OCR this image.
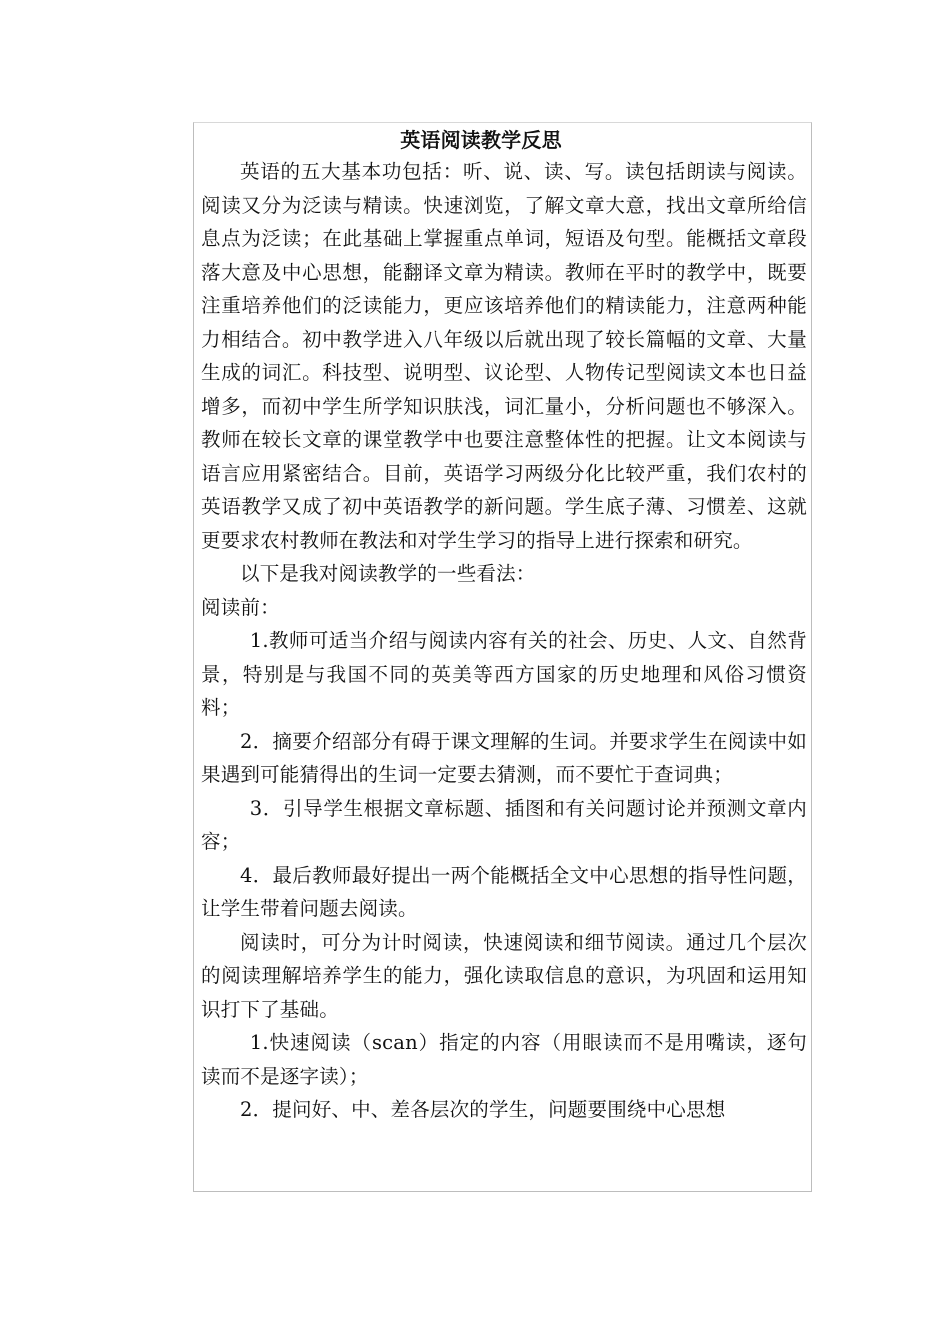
英语阅读教学反思

英语的五大基本功包括：听、说、读、写。读包括朗读与阅读。阅读又分为泛读与精读。快速浏览，了解文章大意，找出文章所给信息点为泛读；在此基础上掌握重点单词，短语及句型。能概括文章段落大意及中心思想，能翻译文章为精读。教师在平时的教学中，既要注重培养他们的泛读能力，更应该培养他们的精读能力，注意两种能力相结合。初中教学进入八年级以后就出现了较长篇幅的文章、大量生成的词汇。科技型、说明型、议论型、人物传记型阅读文本也日益增多，而初中学生所学知识肤浅，词汇量小，分析问题也不够深入。教师在较长文章的课堂教学中也要注意整体性的把握。让文本阅读与语言应用紧密结合。目前，英语学习两级分化比较严重，我们农村的英语教学又成了初中英语教学的新问题。学生底子薄、习惯差、这就更要求农村教师在教法和对学生学习的指导上进行探索和研究。

以下是我对阅读教学的一些看法：

阅读前：

1.教师可适当介绍与阅读内容有关的社会、历史、人文、自然背景，特别是与我国不同的英美等西方国家的历史地理和风俗习惯资料；

2．摘要介绍部分有碍于课文理解的生词。并要求学生在阅读中如果遇到可能猜得出的生词一定要去猜测，而不要忙于查词典；

3．引导学生根据文章标题、插图和有关问题讨论并预测文章内容；

4．最后教师最好提出一两个能概括全文中心思想的指导性问题，让学生带着问题去阅读。

阅读时，可分为计时阅读，快速阅读和细节阅读。通过几个层次的阅读理解培养学生的能力，强化读取信息的意识，为巩固和运用知识打下了基础。

1.快速阅读（scan）指定的内容（用眼读而不是用嘴读，逐句读而不是逐字读）；

2．提问好、中、差各层次的学生，问题要围绕中心思想
